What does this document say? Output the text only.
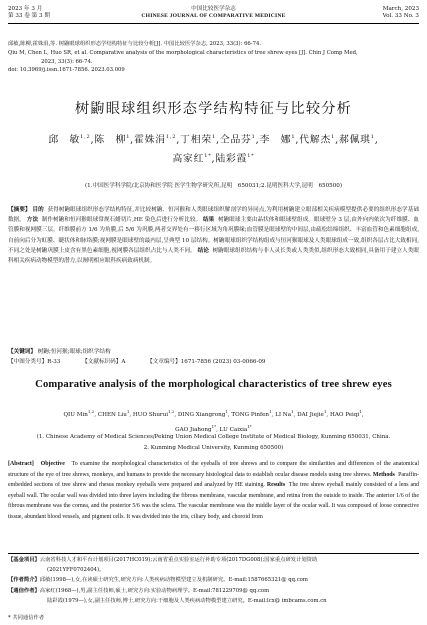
2023 年 3 月
第 33 卷 第 3 期
中国比较医学杂志
CHINESE JOURNAL OF COMPARATIVE MEDICINE
March, 2023
Vol. 33 No. 3
邱敏,陈柳,霍姝涓,等. 树鼩眼球组织形态学结构特征与比较分析[J]. 中国比较医学杂志, 2023, 33(3): 66-74.
Qiu M, Chen L, Huo SR, et al. Comparative analysis of the morphological characteristics of tree shrew eyes [J]. Chin J Comp Med,
2023, 33(3): 66-74.
doi: 10.3969/j.issn.1671-7856. 2023.03.009
树鼩眼球组织形态学结构特征与比较分析
邱　敏$^{1,2}$,陈　柳$^1$,霍姝涓$^{1,2}$,丁相荣$^1$,仝品芬$^1$,李　娜$^1$,代解杰$^1$,郝佩琪$^1$,
高家红$^{1*}$,陆彩霞$^{1*}$
(1.中国医学科学院/北京协和医学院 医学生物学研究所,昆明　650031;2.昆明医科大学,昆明　650500)
【摘要】 目的 获得树鼩眼球组织形态学结构特征,并比较树鼩、恒河猴和人类眼球组织解剖学的异同点,为利用树鼩建立眼部相关疾病模型提供必要的组织形态学基础数据。 方法 制作树鼩和恒河猴眼球常规石蜡切片,HE 染色后进行分析比较。 结果 树鼩眼球主要由晶状体和眼球壁组成。眼球壁分 3 层,由外向内依次为纤维膜、血管膜和视网膜三层。纤维膜前方 1/6 为角膜,后 5/6 为巩膜,两者交界处有一移行区域为角巩膜缘;血管膜是眼球壁的中间层,由疏松结缔组织、丰富血管和色素细胞组成,自前向后分为虹膜、睫状体和脉络膜;视网膜是眼球壁的最内层,呈典型 10 层结构。树鼩眼球组织学结构组成与恒河猴眼球及人类眼球组成一致,组织各层占比大致相同,不同之处是树鼩巩膜上皮含有黑色素细胞,视网膜各层组织占比与人类不同。 结论 树鼩眼球组织结构与非人灵长类或人类类似,组织形态大致相同,具备用于建立人类眼科相关疾病动物模型的潜力,以阐明相应眼科疾病致病机制。
【关键词】 树鼩;恒河猴;眼球;组织学结构
【中图分类号】R-33	【文献标识码】A	【文章编号】1671-7856 (2023) 03-0066-09
Comparative analysis of the morphological characteristics of tree shrew eyes
QIU Min$^{1,2}$, CHEN Liu$^1$, HUO Shurui$^{1,2}$, DING Xiangrong$^1$, TONG Pinfen$^1$, LI Na$^1$, DAI Jiejie$^1$, HAO Peiqi$^1$,
GAO Jiahong$^{1*}$, LU Caixia$^{1*}$
(1. Chinese Academy of Medical Sciences/Peking Union Medical College Institute of Medical Biology, Kunming 650031, China.
2. Kunming Medical University, Kunming 650500)
[Abstract] Objective To examine the morphological characteristics of the eyeballs of tree shrews and to compare the similarities and differences of the anatomical structure of the eye of tree shrews, monkeys, and humans to provide the necessary histological data to establish ocular disease models using tree shrews. Methods Paraffin-embedded sections of tree shrew and rhesus monkey eyeballs were prepared and analyzed by HE staining. Results The tree shrew eyeball mainly consisted of a lens and eyeball wall. The ocular wall was divided into three layers including the fibrous membrane, vascular membrane, and retina from the outside to inside. The anterior 1/6 of the fibrous membrane was the cornea, and the posterior 5/6 was the sclera. The vascular membrane was the middle layer of the ocular wall. It was composed of loose connective tissue, abundant blood vessels, and pigment cells. It was divided into the iris, ciliary body, and choroid from
【基金项目】云南省科技人才和平台计划项目(2017HC019);云南省重点实验室运行补助专项(2017DG008);国家重点研发计划资助
(2021YFF0702404)。
【作者简介】邱敏(1998—),女,在读硕士研究生,研究方向:人类疾病动物模型建立及机制研究。E-mail:1587665321@ qq.com
【通信作者】高家红(1968—),男,副主任技师,硕士,研究方向:实验动物病理学。E-mail:781229709@ qq.com
陆彩霞(1979—),女,副主任技师,博士,研究方向:干细胞及人类疾病动物模型建立研究。E-mail:lcx@ imbcams.com.cn
* 共同通信作者
